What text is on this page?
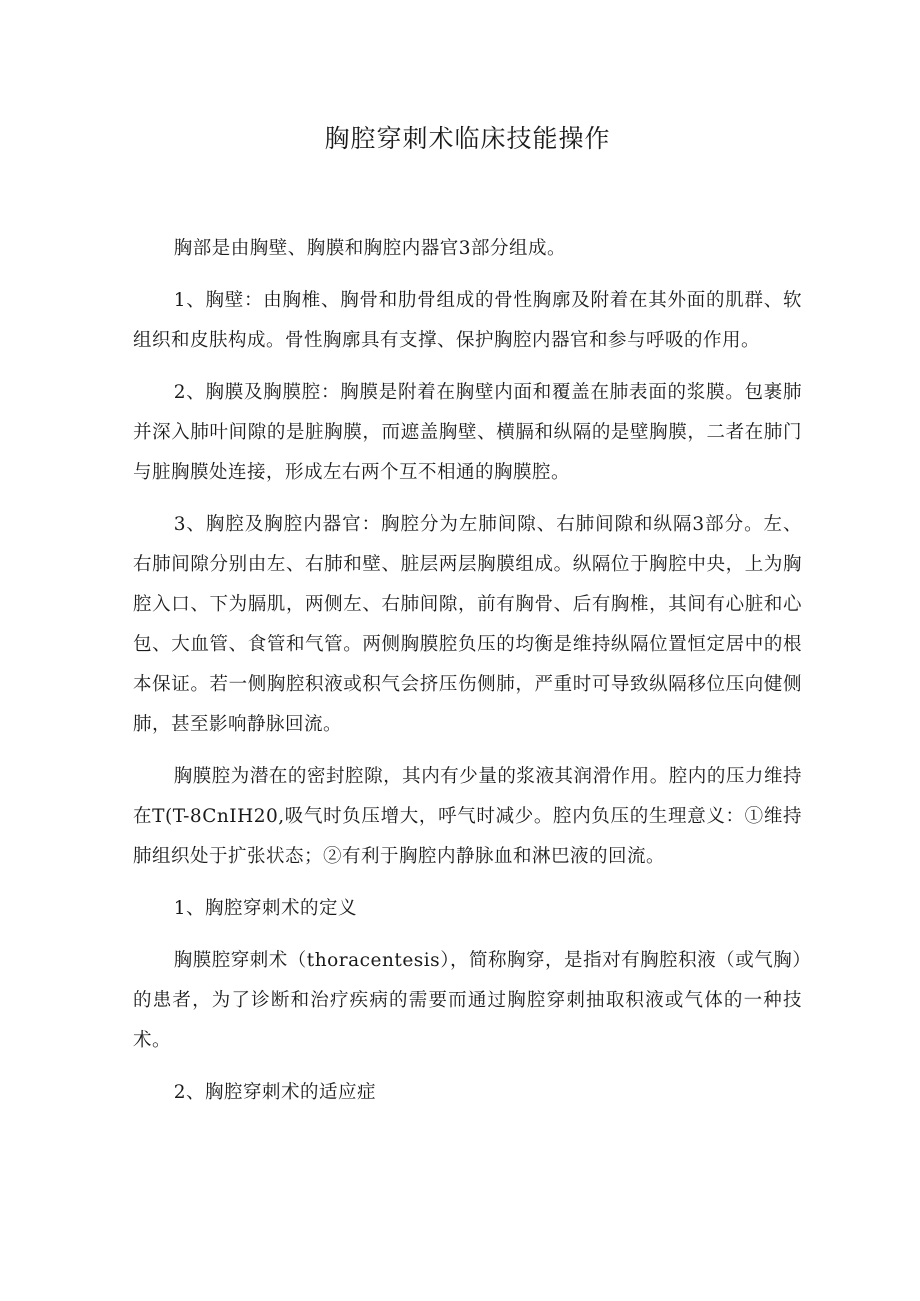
胸腔穿刺术临床技能操作

胸部是由胸壁、胸膜和胸腔内器官3部分组成。

1、胸壁：由胸椎、胸骨和肋骨组成的骨性胸廓及附着在其外面的肌群、软组织和皮肤构成。骨性胸廓具有支撑、保护胸腔内器官和参与呼吸的作用。

2、胸膜及胸膜腔：胸膜是附着在胸壁内面和覆盖在肺表面的浆膜。包裹肺并深入肺叶间隙的是脏胸膜，而遮盖胸壁、横膈和纵隔的是壁胸膜，二者在肺门与脏胸膜处连接，形成左右两个互不相通的胸膜腔。

3、胸腔及胸腔内器官：胸腔分为左肺间隙、右肺间隙和纵隔3部分。左、右肺间隙分别由左、右肺和壁、脏层两层胸膜组成。纵隔位于胸腔中央，上为胸腔入口、下为膈肌，两侧左、右肺间隙，前有胸骨、后有胸椎，其间有心脏和心包、大血管、食管和气管。两侧胸膜腔负压的均衡是维持纵隔位置恒定居中的根本保证。若一侧胸腔积液或积气会挤压伤侧肺，严重时可导致纵隔移位压向健侧肺，甚至影响静脉回流。

胸膜腔为潜在的密封腔隙，其内有少量的浆液其润滑作用。腔内的压力维持在T(T-8CnIH20,吸气时负压增大，呼气时减少。腔内负压的生理意义：①维持肺组织处于扩张状态；②有利于胸腔内静脉血和淋巴液的回流。

1、胸腔穿刺术的定义

胸膜腔穿刺术（thoracentesis），简称胸穿，是指对有胸腔积液（或气胸）的患者，为了诊断和治疗疾病的需要而通过胸腔穿刺抽取积液或气体的一种技术。

2、胸腔穿刺术的适应症
